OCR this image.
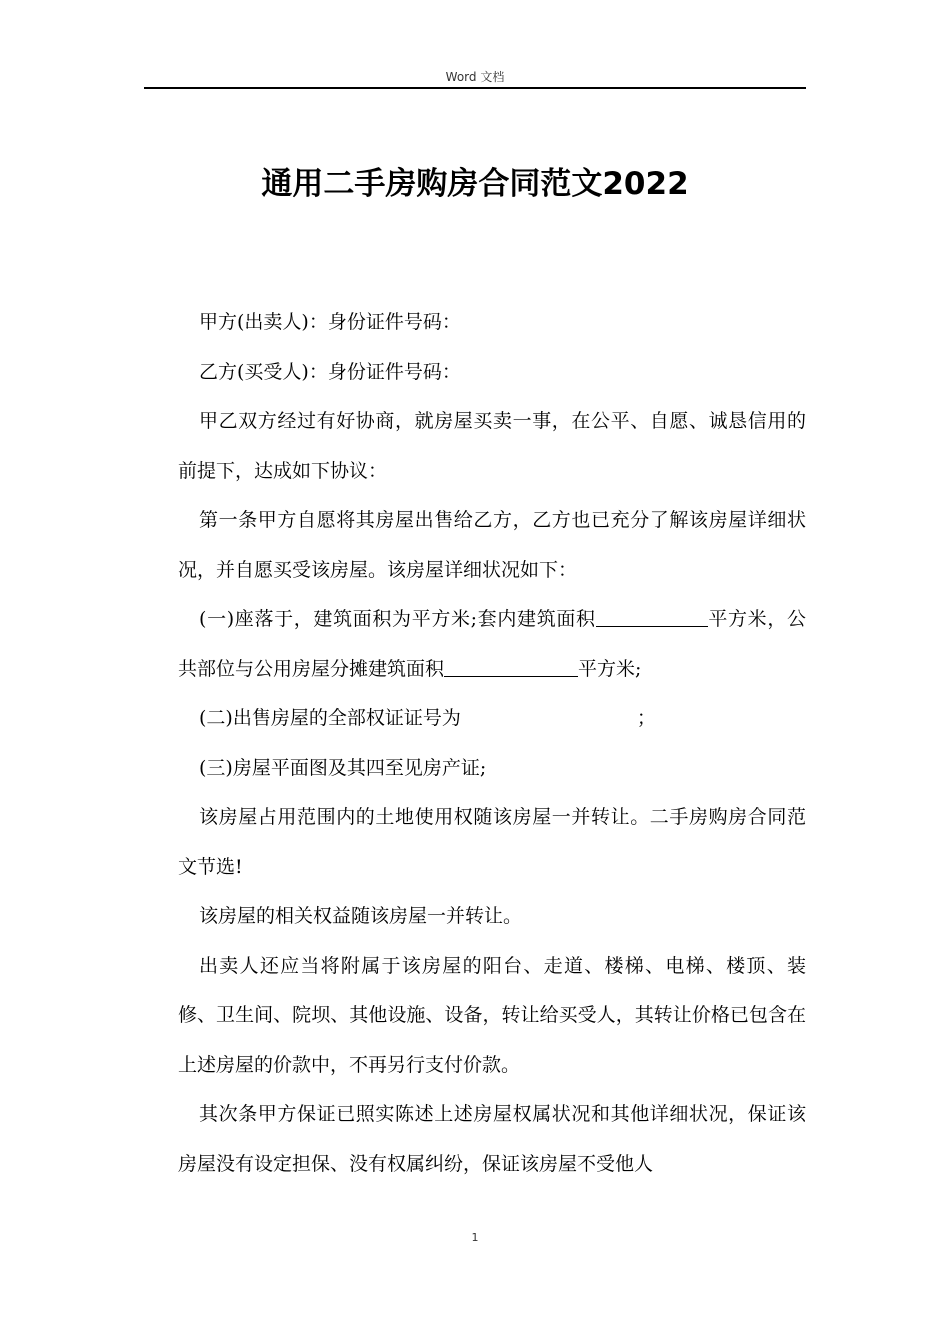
Word 文档
通用二手房购房合同范文2022

甲方(出卖人)：身份证件号码：

乙方(买受人)：身份证件号码：

甲乙双方经过有好协商，就房屋买卖一事，在公平、自愿、诚恳信用的前提下，达成如下协议：

第一条甲方自愿将其房屋出售给乙方，乙方也已充分了解该房屋详细状况，并自愿买受该房屋。该房屋详细状况如下：

(一)座落于，建筑面积为平方米;套内建筑面积	平方米，公共部位与公用房屋分摊建筑面积	平方米;

(二)出售房屋的全部权证证号为	；

(三)房屋平面图及其四至见房产证;

该房屋占用范围内的土地使用权随该房屋一并转让。二手房购房合同范文节选!

该房屋的相关权益随该房屋一并转让。

出卖人还应当将附属于该房屋的阳台、走道、楼梯、电梯、楼顶、装修、卫生间、院坝、其他设施、设备，转让给买受人，其转让价格已包含在上述房屋的价款中，不再另行支付价款。

其次条甲方保证已照实陈述上述房屋权属状况和其他详细状况，保证该房屋没有设定担保、没有权属纠纷，保证该房屋不受他人

1
